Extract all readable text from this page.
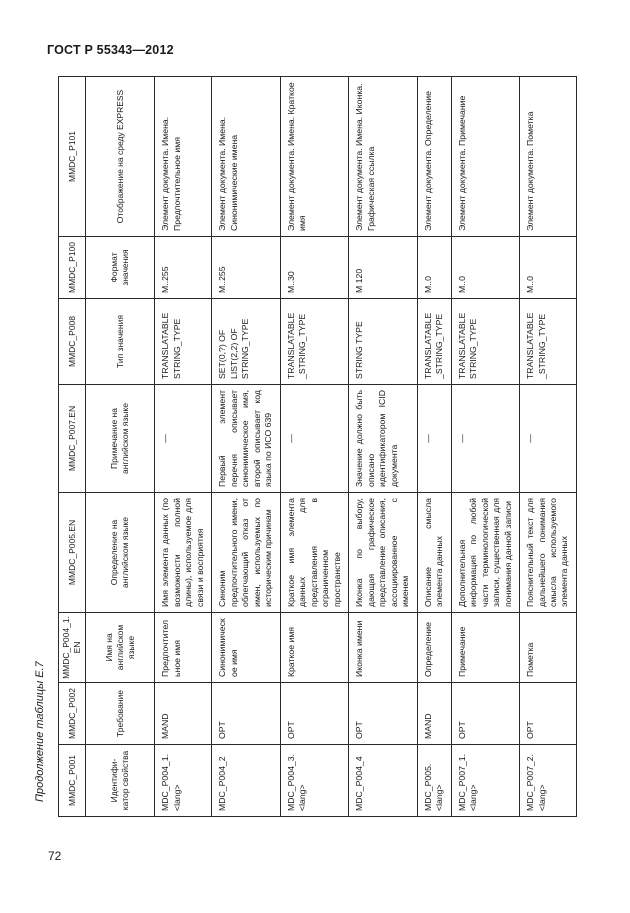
ГОСТ Р 55343—2012
Продолжение таблицы Е.7 MMDC_P001	MMDC_P002	MMDC_P004_1.EN	MMDC_P005.EN	MMDC_P007.EN	MMDC_P008	MMDC_P100	MMDC_P101
Идентифи-катор свойства	Требование	Имя на английском языке	Определение на английском языке	Примечание на английском языке	Тип значения	Формат значения	Отображение на среду EXPRESS
MDC_P004_1.<lang>	MAND	Предпочтительное имя	Имя элемента данных (по возможности полной длины), используемое для связи и восприятия	—	TRANSLATABLE STRING_TYPE	M..255	Элемент документа. Имена. Предпочтительное имя
MDC_P004_2	OPT	Синонимическое имя	Синоним предпочтительного имени, облегчающий отказ от имен, используемых по историческим причинам	Первый элемент перечня описывает синонимическое имя, второй описывает код языка по ИСО 639	SET(0,?) OF LIST(2,2) OF STRING_TYPE	M..255	Элемент документа. Имена. Синонимические имена
MDC_P004_3.<lang>	OPT	Краткое имя	Краткое имя элемента данных для представления в ограниченном пространстве	—	TRANSLATABLE _STRING_TYPE	M..30	Элемент документа. Имена. Краткое имя
MDC_P004_4	OPT	Иконка имени	Иконка по выбору, дающая графическое представление описания, ассоциированное с именем	Значение должно быть описано идентификатором ICID документа	STRING TYPE	M 120	Элемент документа. Имена. Иконка. Графическая ссылка
MDC_P005.<lang>	MAND	Определение	Описание смысла элемента данных	—	TRANSLATABLE _STRING_TYPE	M..0	Элемент документа. Определение
MDC_P007_1.<lang>	OPT	Примечание	Дополнительная информация по любой части терминологической записи, существенная для понимания данной записи	—	TRANSLATABLE STRING_TYPE	M..0	Элемент документа. Примечание
MDC_P007_2.<lang>	OPT	Пометка	Пояснительный текст для дальнейшего понимания смысла используемого элемента данных	—	TRANSLATABLE _STRING_TYPE	M..0	Элемент документа. Пометка
72
